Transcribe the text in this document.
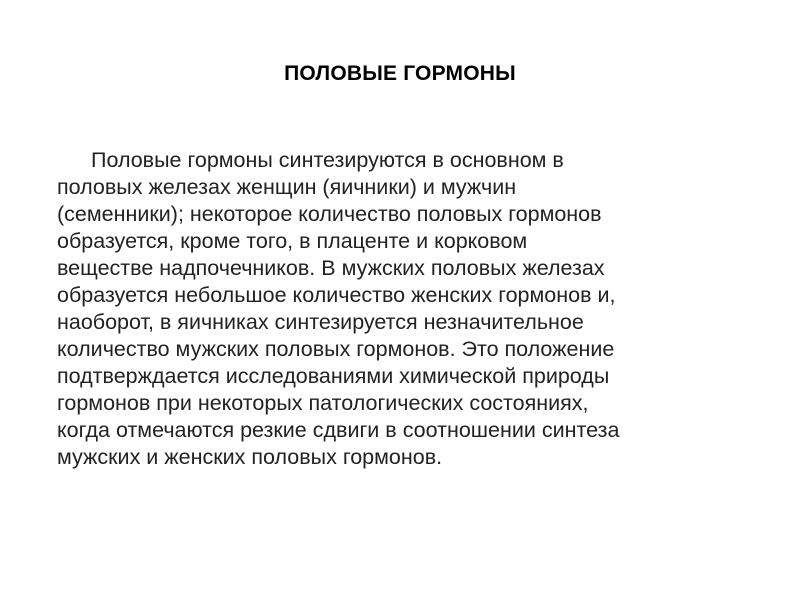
ПОЛОВЫЕ ГОРМОНЫ
Половые гормоны синтезируются в основном в
половых железах женщин (яичники) и мужчин
(семенники); некоторое количество половых гормонов
образуется, кроме того, в плаценте и корковом
веществе надпочечников. В мужских половых железах
образуется небольшое количество женских гормонов и,
наоборот, в яичниках синтезируется незначительное
количество мужских половых гормонов. Это положение
подтверждается исследованиями химической природы
гормонов при некоторых патологических состояниях,
когда отмечаются резкие сдвиги в соотношении синтеза
мужских и женских половых гормонов.
